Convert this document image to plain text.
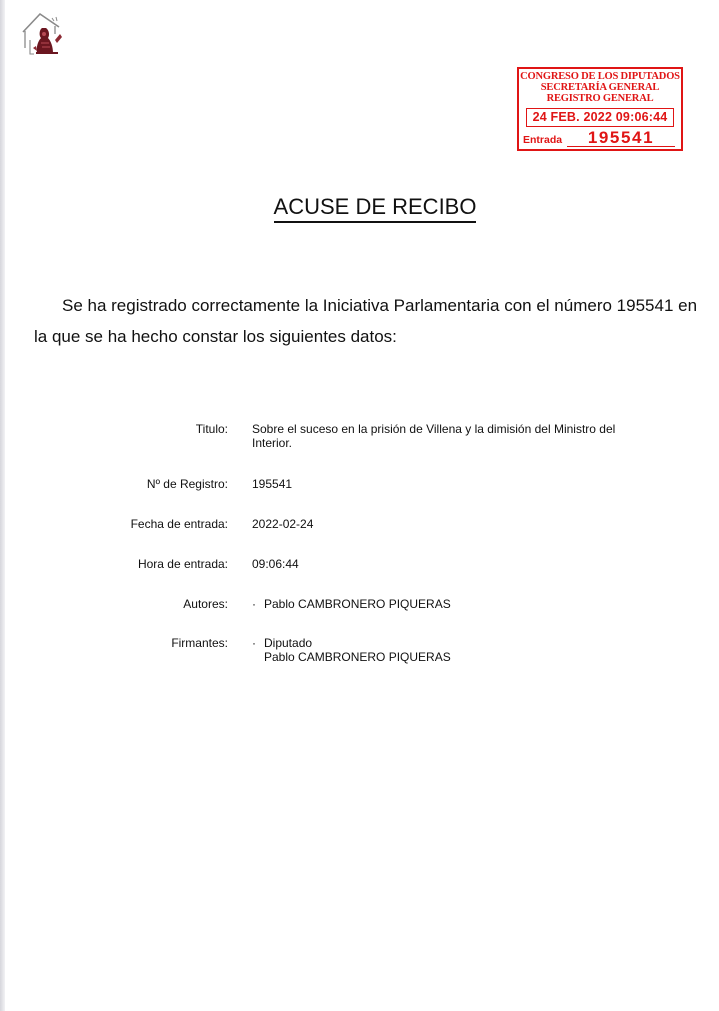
CONGRESO DE LOS DIPUTADOS
SECRETARÍA GENERAL
REGISTRO GENERAL
24 FEB. 2022 09:06:44
Entrada	195541
ACUSE DE RECIBO
Se ha registrado correctamente la Iniciativa Parlamentaria con el número 195541 en
la que se ha hecho constar los siguientes datos:
Titulo: Sobre el suceso en la prisión de Villena y la dimisión del Ministro del
Interior.
Nº de Registro: 195541
Fecha de entrada: 2022-02-24
Hora de entrada: 09:06:44
Autores: · Pablo CAMBRONERO PIQUERAS
Firmantes: · Diputado
Pablo CAMBRONERO PIQUERAS
